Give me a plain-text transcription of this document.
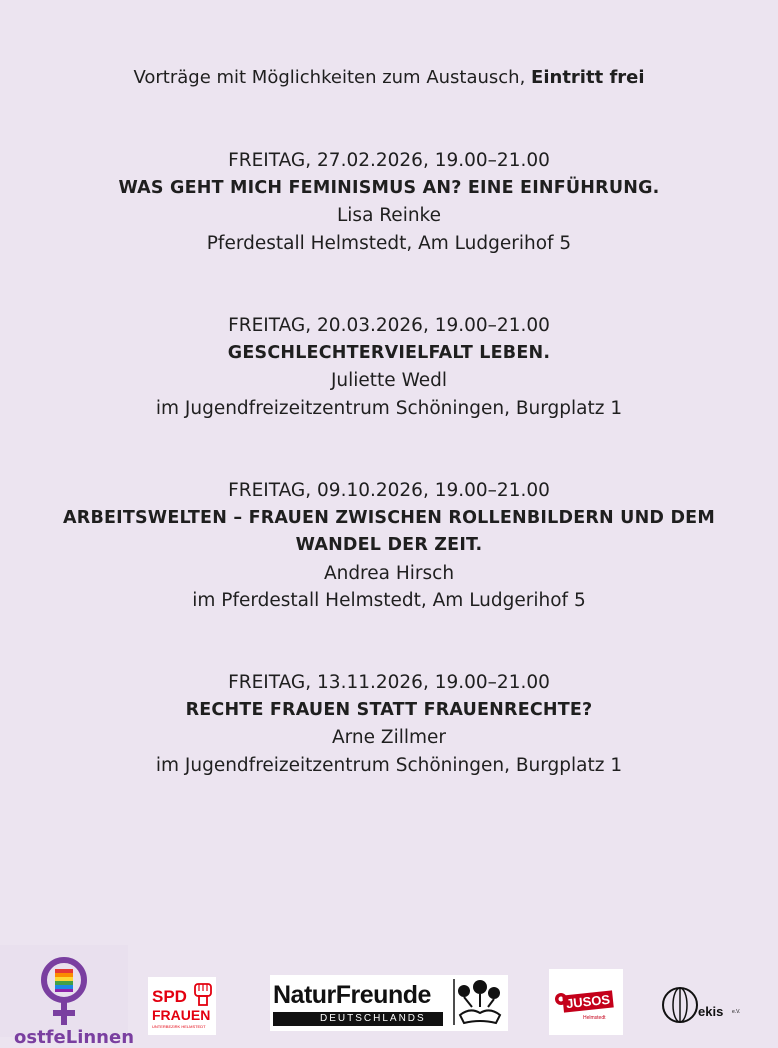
Vorträge mit Möglichkeiten zum Austausch, Eintritt frei
FREITAG, 27.02.2026, 19.00–21.00
WAS GEHT MICH FEMINISMUS AN? EINE EINFÜHRUNG.
Lisa Reinke
Pferdestall Helmstedt, Am Ludgerihof 5
FREITAG, 20.03.2026, 19.00–21.00
GESCHLECHTERVIELFALT LEBEN.
Juliette Wedl
im Jugendfreizeitzentrum Schöningen, Burgplatz 1
FREITAG, 09.10.2026, 19.00–21.00
ARBEITSWELTEN – FRAUEN ZWISCHEN ROLLENBILDERN UND DEM WANDEL DER ZEIT.
Andrea Hirsch
im Pferdestall Helmstedt, Am Ludgerihof 5
FREITAG, 13.11.2026, 19.00–21.00
RECHTE FRAUEN STATT FRAUENRECHTE?
Arne Zillmer
im Jugendfreizeitzentrum Schöningen, Burgplatz 1
ostfeLinnen
SPD
FRAUEN
UNTERBEZIRK HELMSTEDT
NaturFreunde
DEUTSCHLANDS
JUSOS
Helmstedt	ekis e.V.
